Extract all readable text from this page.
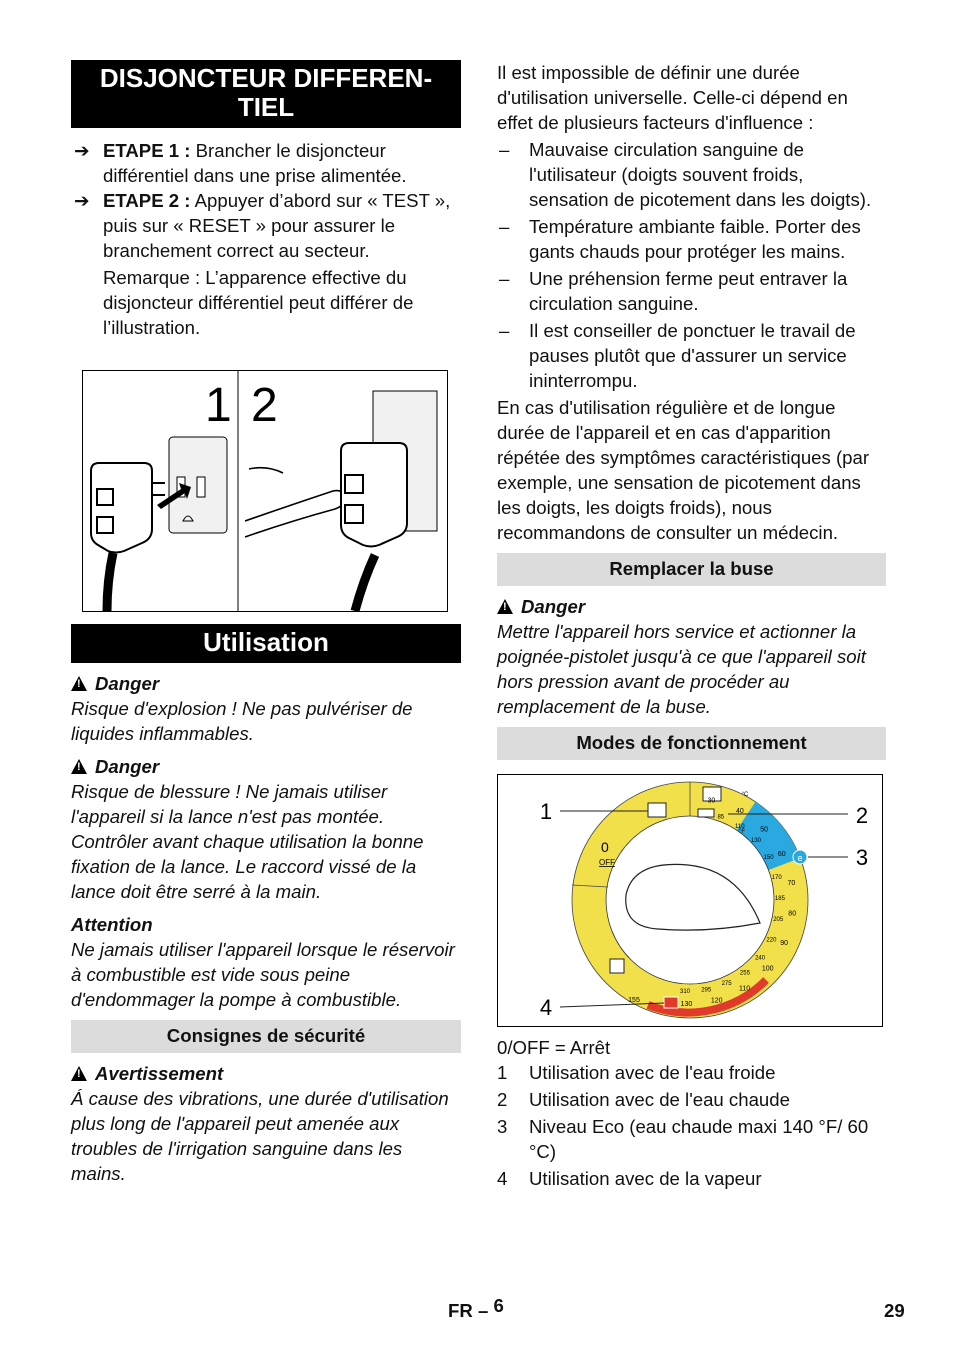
DISJONCTEUR DIFFEREN-TIEL
➔ ETAPE 1 : Brancher le disjoncteur différentiel dans une prise alimentée.
➔ ETAPE 2 : Appuyer d’abord sur « TEST », puis sur « RESET » pour assurer le branchement correct au secteur.
Remarque : L’apparence effective du disjoncteur différentiel peut différer de l’illustration.
1 2
Utilisation
!Danger
Risque d'explosion ! Ne pas pulvériser de liquides inflammables.
!Danger
Risque de blessure ! Ne jamais utiliser l'appareil si la lance n'est pas montée. Contrôler avant chaque utilisation la bonne fixation de la lance. Le raccord vissé de la lance doit être serré à la main.
Attention
Ne jamais utiliser l'appareil lorsque le réservoir à combustible est vide sous peine d'endommager la pompe à combustible.
Consignes de sécurité
!Avertissement
Á cause des vibrations, une durée d'utilisation plus long de l'appareil peut amenée aux troubles de l'irrigation sanguine dans les mains.
Il est impossible de définir une durée d'utilisation universelle. Celle-ci dépend en effet de plusieurs facteurs d'influence :
– Mauvaise circulation sanguine de l'utilisateur (doigts souvent froids, sensation de picotement dans les doigts).
– Température ambiante faible. Porter des gants chauds pour protéger les mains.
– Une préhension ferme peut entraver la circulation sanguine.
– Il est conseiller de ponctuer le travail de pauses plutôt que d'assurer un service ininterrompu.
En cas d'utilisation régulière et de longue durée de l'appareil et en cas d'apparition répétée des symptômes caractéristiques (par exemple, une sensation de picotement dans les doigts, les doigts froids), nous recommandons de consulter un médecin.
Remplacer la buse
!Danger
Mettre l'appareil hors service et actionner la poignée-pistolet jusqu'à ce que l'appareil soit hors pression avant de procéder au remplacement de la buse.
Modes de fonctionnement
e
0
OFF
30
40
50
60
70
80
90
100
110
120
130
85
110
130
150
170
185
205
220
240
255
275
295
310
155
°C
°F
1	2
3
4
0/OFF = Arrêt
1 Utilisation avec de l'eau froide
2 Utilisation avec de l'eau chaude
3 Niveau Eco (eau chaude maxi 140 °F/ 60 °C)
4 Utilisation avec de la vapeur
FR – 6	29
